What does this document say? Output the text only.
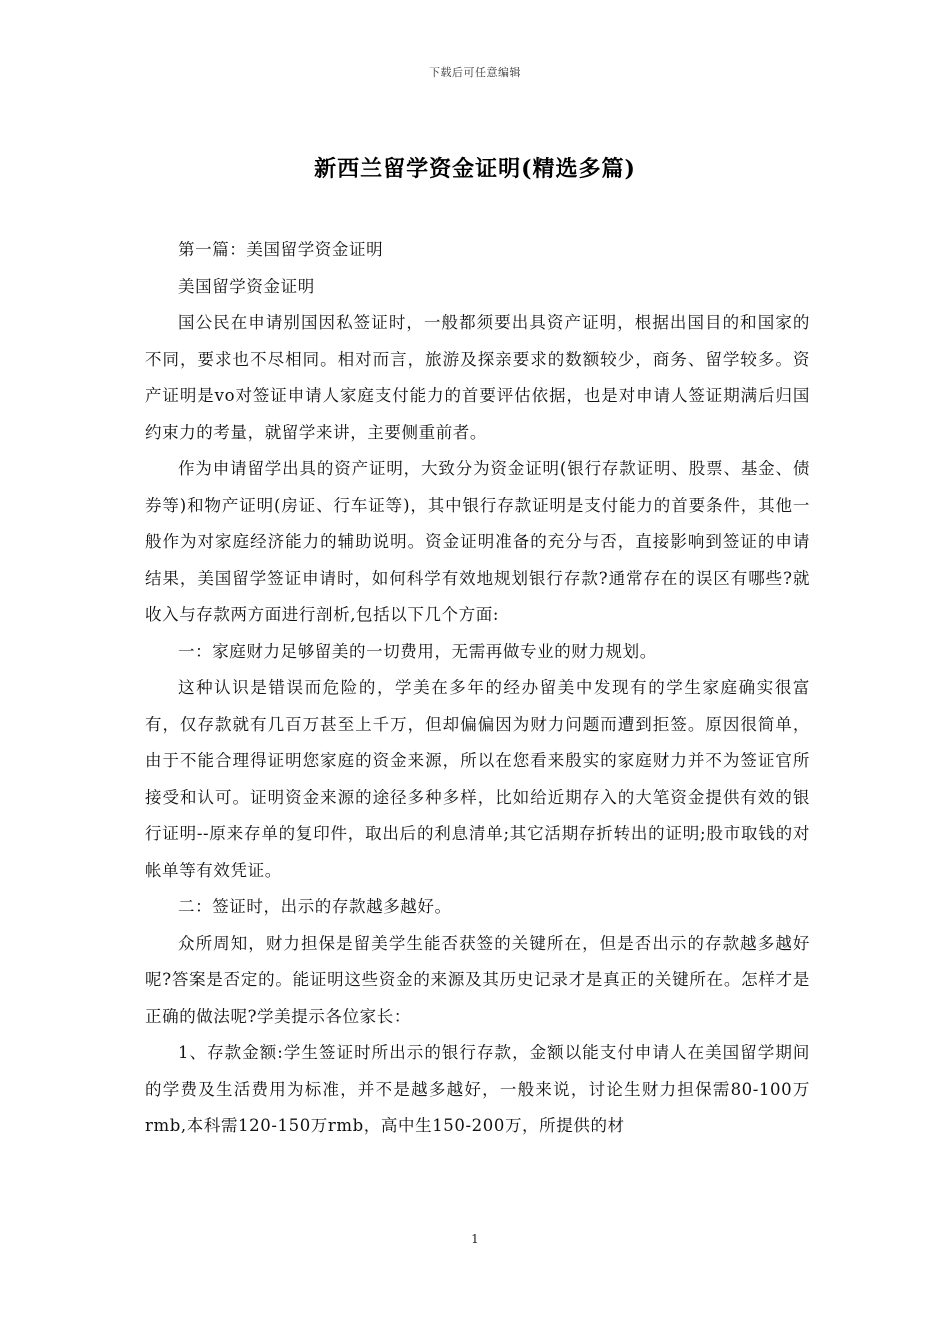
下载后可任意编辑
新西兰留学资金证明(精选多篇)

第一篇：美国留学资金证明

美国留学资金证明

国公民在申请别国因私签证时，一般都须要出具资产证明，根据出国目的和国家的不同，要求也不尽相同。相对而言，旅游及探亲要求的数额较少，商务、留学较多。资产证明是vo对签证申请人家庭支付能力的首要评估依据，也是对申请人签证期满后归国约束力的考量，就留学来讲，主要侧重前者。

作为申请留学出具的资产证明，大致分为资金证明(银行存款证明、股票、基金、债券等)和物产证明(房证、行车证等)，其中银行存款证明是支付能力的首要条件，其他一般作为对家庭经济能力的辅助说明。资金证明准备的充分与否，直接影响到签证的申请结果，美国留学签证申请时，如何科学有效地规划银行存款?通常存在的误区有哪些?就收入与存款两方面进行剖析,包括以下几个方面:

一：家庭财力足够留美的一切费用，无需再做专业的财力规划。

这种认识是错误而危险的，学美在多年的经办留美中发现有的学生家庭确实很富有，仅存款就有几百万甚至上千万，但却偏偏因为财力问题而遭到拒签。原因很简单，由于不能合理得证明您家庭的资金来源，所以在您看来殷实的家庭财力并不为签证官所接受和认可。证明资金来源的途径多种多样，比如给近期存入的大笔资金提供有效的银行证明--原来存单的复印件，取出后的利息清单;其它活期存折转出的证明;股市取钱的对帐单等有效凭证。

二：签证时，出示的存款越多越好。

众所周知，财力担保是留美学生能否获签的关键所在，但是否出示的存款越多越好呢?答案是否定的。能证明这些资金的来源及其历史记录才是真正的关键所在。怎样才是正确的做法呢?学美提示各位家长：

1、存款金额:学生签证时所出示的银行存款，金额以能支付申请人在美国留学期间的学费及生活费用为标准，并不是越多越好，一般来说，讨论生财力担保需80-100万rmb,本科需120-150万rmb，高中生150-200万，所提供的材

1
